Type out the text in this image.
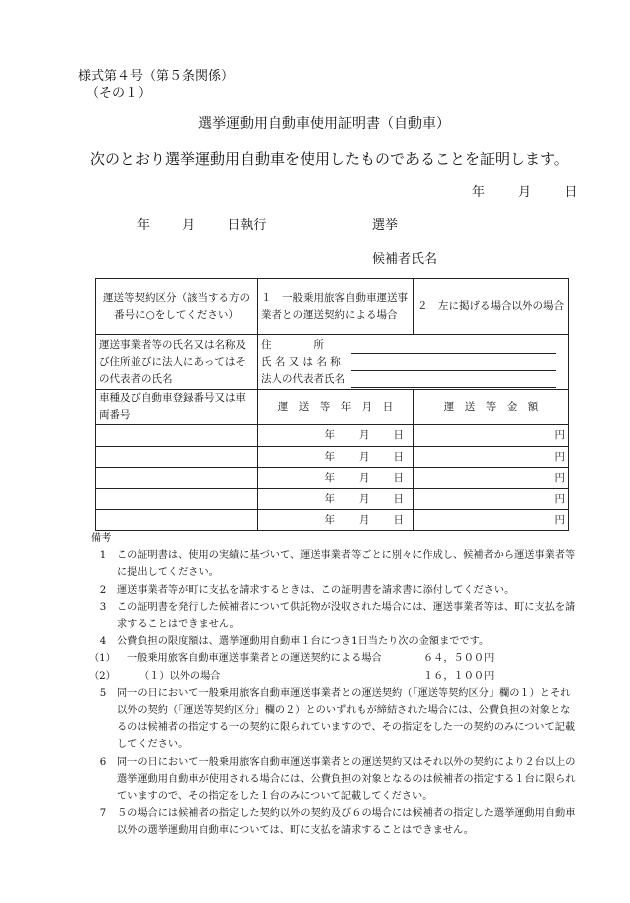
様式第４号（第５条関係）
（その１）
選挙運動用自動車使用証明書（自動車）
次のとおり選挙運動用自動車を使用したものであることを証明します。
年	月	日
年 月 日執行	選挙
候補者氏名
運送等契約区分（該当する方の番号に○をしてください）	１　一般乗用旅客自動車運送事業者との運送契約による場合	２　左に掲げる場合以外の場合
運送事業者等の氏名又は名称及び住所並びに法人にあってはその代表者の氏名	住　　　　所
氏 名 又 は 名 称
法人の代表者氏名	

車種及び自動車登録番号又は車両番号	運　送　等　年　月　日	運　送　等　金　額

	年 月 日	円

	年 月 日	円

	年 月 日	円

	年 月 日	円

	年 月 日	円
備考
1	この証明書は、使用の実績に基づいて、運送事業者等ごとに別々に作成し、候補者から運送事業者等に提出してください。
2	運送事業者等が町に支払を請求するときは、この証明書を請求書に添付してください。
3	この証明書を発行した候補者について供託物が没収された場合には、運送事業者等は、町に支払を請求することはできません。
4	公費負担の限度額は、選挙運動用自動車１台につき1日当たり次の金額までです。
（1）	一般乗用旅客自動車運送事業者との運送契約による場合	６４，５００円
（2）	（１）以外の場合	１６，１００円
5	同一の日において一般乗用旅客自動車運送事業者との運送契約（「運送等契約区分」欄の１）とそれ以外の契約（「運送等契約区分」欄の２）とのいずれもが締結された場合には、公費負担の対象となるのは候補者の指定する一の契約に限られていますので、その指定をした一の契約のみについて記載してください。
6	同一の日において一般乗用旅客自動車運送事業者との運送契約又はそれ以外の契約により２台以上の選挙運動用自動車が使用される場合には、公費負担の対象となるのは候補者の指定する１台に限られていますので、その指定をした１台のみについて記載してください。
7	５の場合には候補者の指定した契約以外の契約及び６の場合には候補者の指定した選挙運動用自動車以外の選挙運動用自動車については、町に支払を請求することはできません。
